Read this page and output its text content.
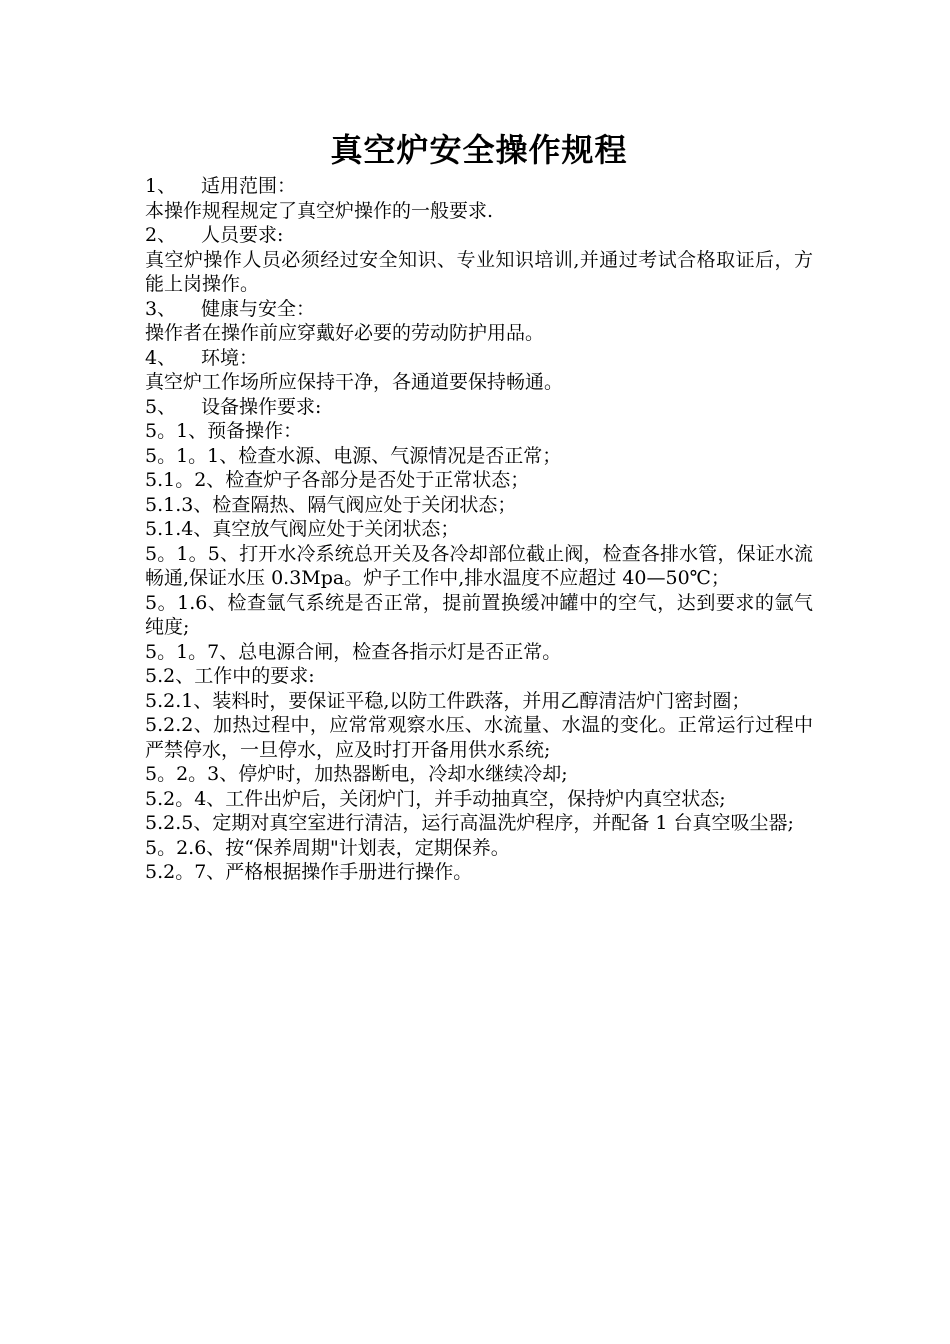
真空炉安全操作规程
1、 适用范围：
本操作规程规定了真空炉操作的一般要求.
2、 人员要求:
真空炉操作人员必须经过安全知识、专业知识培训,并通过考试合格取证后，方能上岗操作。
3、 健康与安全：
操作者在操作前应穿戴好必要的劳动防护用品。
4、 环境：
真空炉工作场所应保持干净，各通道要保持畅通。
5、 设备操作要求:
5。1、预备操作：
5。1。1、检查水源、电源、气源情况是否正常；
5.1。2、检查炉子各部分是否处于正常状态；
5.1.3、检查隔热、隔气阀应处于关闭状态；
5.1.4、真空放气阀应处于关闭状态；
5。1。5、打开水冷系统总开关及各冷却部位截止阀，检查各排水管，保证水流畅通,保证水压 0.3Mpa。炉子工作中,排水温度不应超过 40—50℃；
5。1.6、检查氩气系统是否正常，提前置换缓冲罐中的空气，达到要求的氩气纯度;
5。1。7、总电源合闸，检查各指示灯是否正常。
5.2、工作中的要求:
5.2.1、装料时，要保证平稳,以防工件跌落，并用乙醇清洁炉门密封圈；
5.2.2、加热过程中，应常常观察水压、水流量、水温的变化。正常运行过程中严禁停水，一旦停水，应及时打开备用供水系统;
5。2。3、停炉时，加热器断电，冷却水继续冷却;
5.2。4、工件出炉后，关闭炉门，并手动抽真空，保持炉内真空状态;
5.2.5、定期对真空室进行清洁，运行高温洗炉程序，并配备 1 台真空吸尘器;
5。2.6、按“保养周期"计划表，定期保养。
5.2。7、严格根据操作手册进行操作。
